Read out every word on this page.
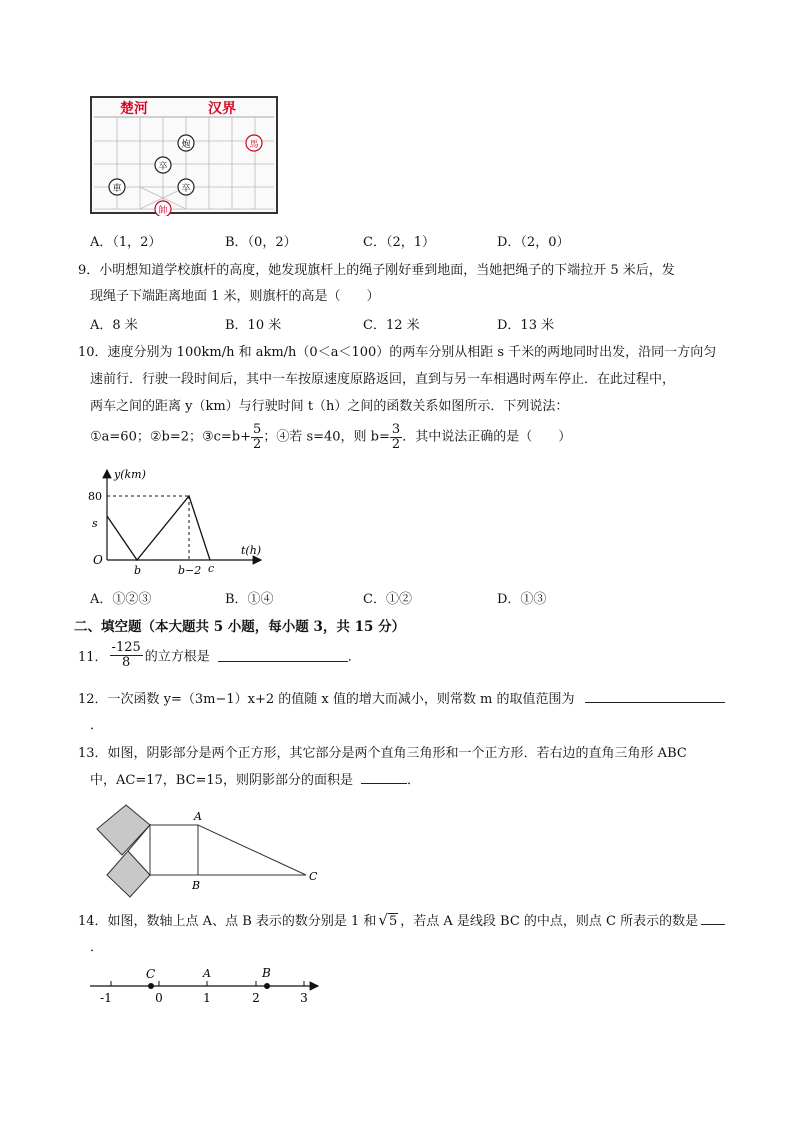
楚河	汉界
炮	馬
卒
車	卒
帥
A．（1，2）	B．（0，2）	C．（2，1）	D．（2，0）
9．小明想知道学校旗杆的高度，她发现旗杆上的绳子刚好垂到地面，当她把绳子的下端拉开 5 米后，发
现绳子下端距离地面 1 米，则旗杆的高是（　　）
A．8 米	B．10 米	C．12 米	D．13 米
10．速度分别为 100km/h 和 akm/h（0＜a＜100）的两车分别从相距 s 千米的两地同时出发，沿同一方向匀
速前行．行驶一段时间后，其中一车按原速度原路返回，直到与另一车相遇时两车停止．在此过程中，
两车之间的距离 y（km）与行驶时间 t（h）之间的函数关系如图所示．下列说法：
①a=60；②b=2；③c=b+ $\frac{5}{2}$ ；④若 s=40，则 $b= \frac{3}{2}$ ．其中说法正确的是（　　）
y(km)
t(h)
80
s
O
b	b−2 c
A．①②③	B．①④	C．①②	D．①③
二、填空题（本大题共 5 小题，每小题 3，共 15 分）
11． $\frac{-125}{8}$ 的立方根是	．
12．一次函数 y=（3m−1）x+2 的值随 x 值的增大而减小，则常数 m 的取值范围为
．
13．如图，阴影部分是两个正方形，其它部分是两个直角三角形和一个正方形．若右边的直角三角形 ABC
中，AC=17，BC=15，则阴影部分的面积是	．
A
B
C
14．如图，数轴上点 A、点 B 表示的数分别是 1 和 √5 ，若点 A 是线段 BC 的中点，则点 C 所表示的数是
．
C	A	B
-1	0	1	2	3
